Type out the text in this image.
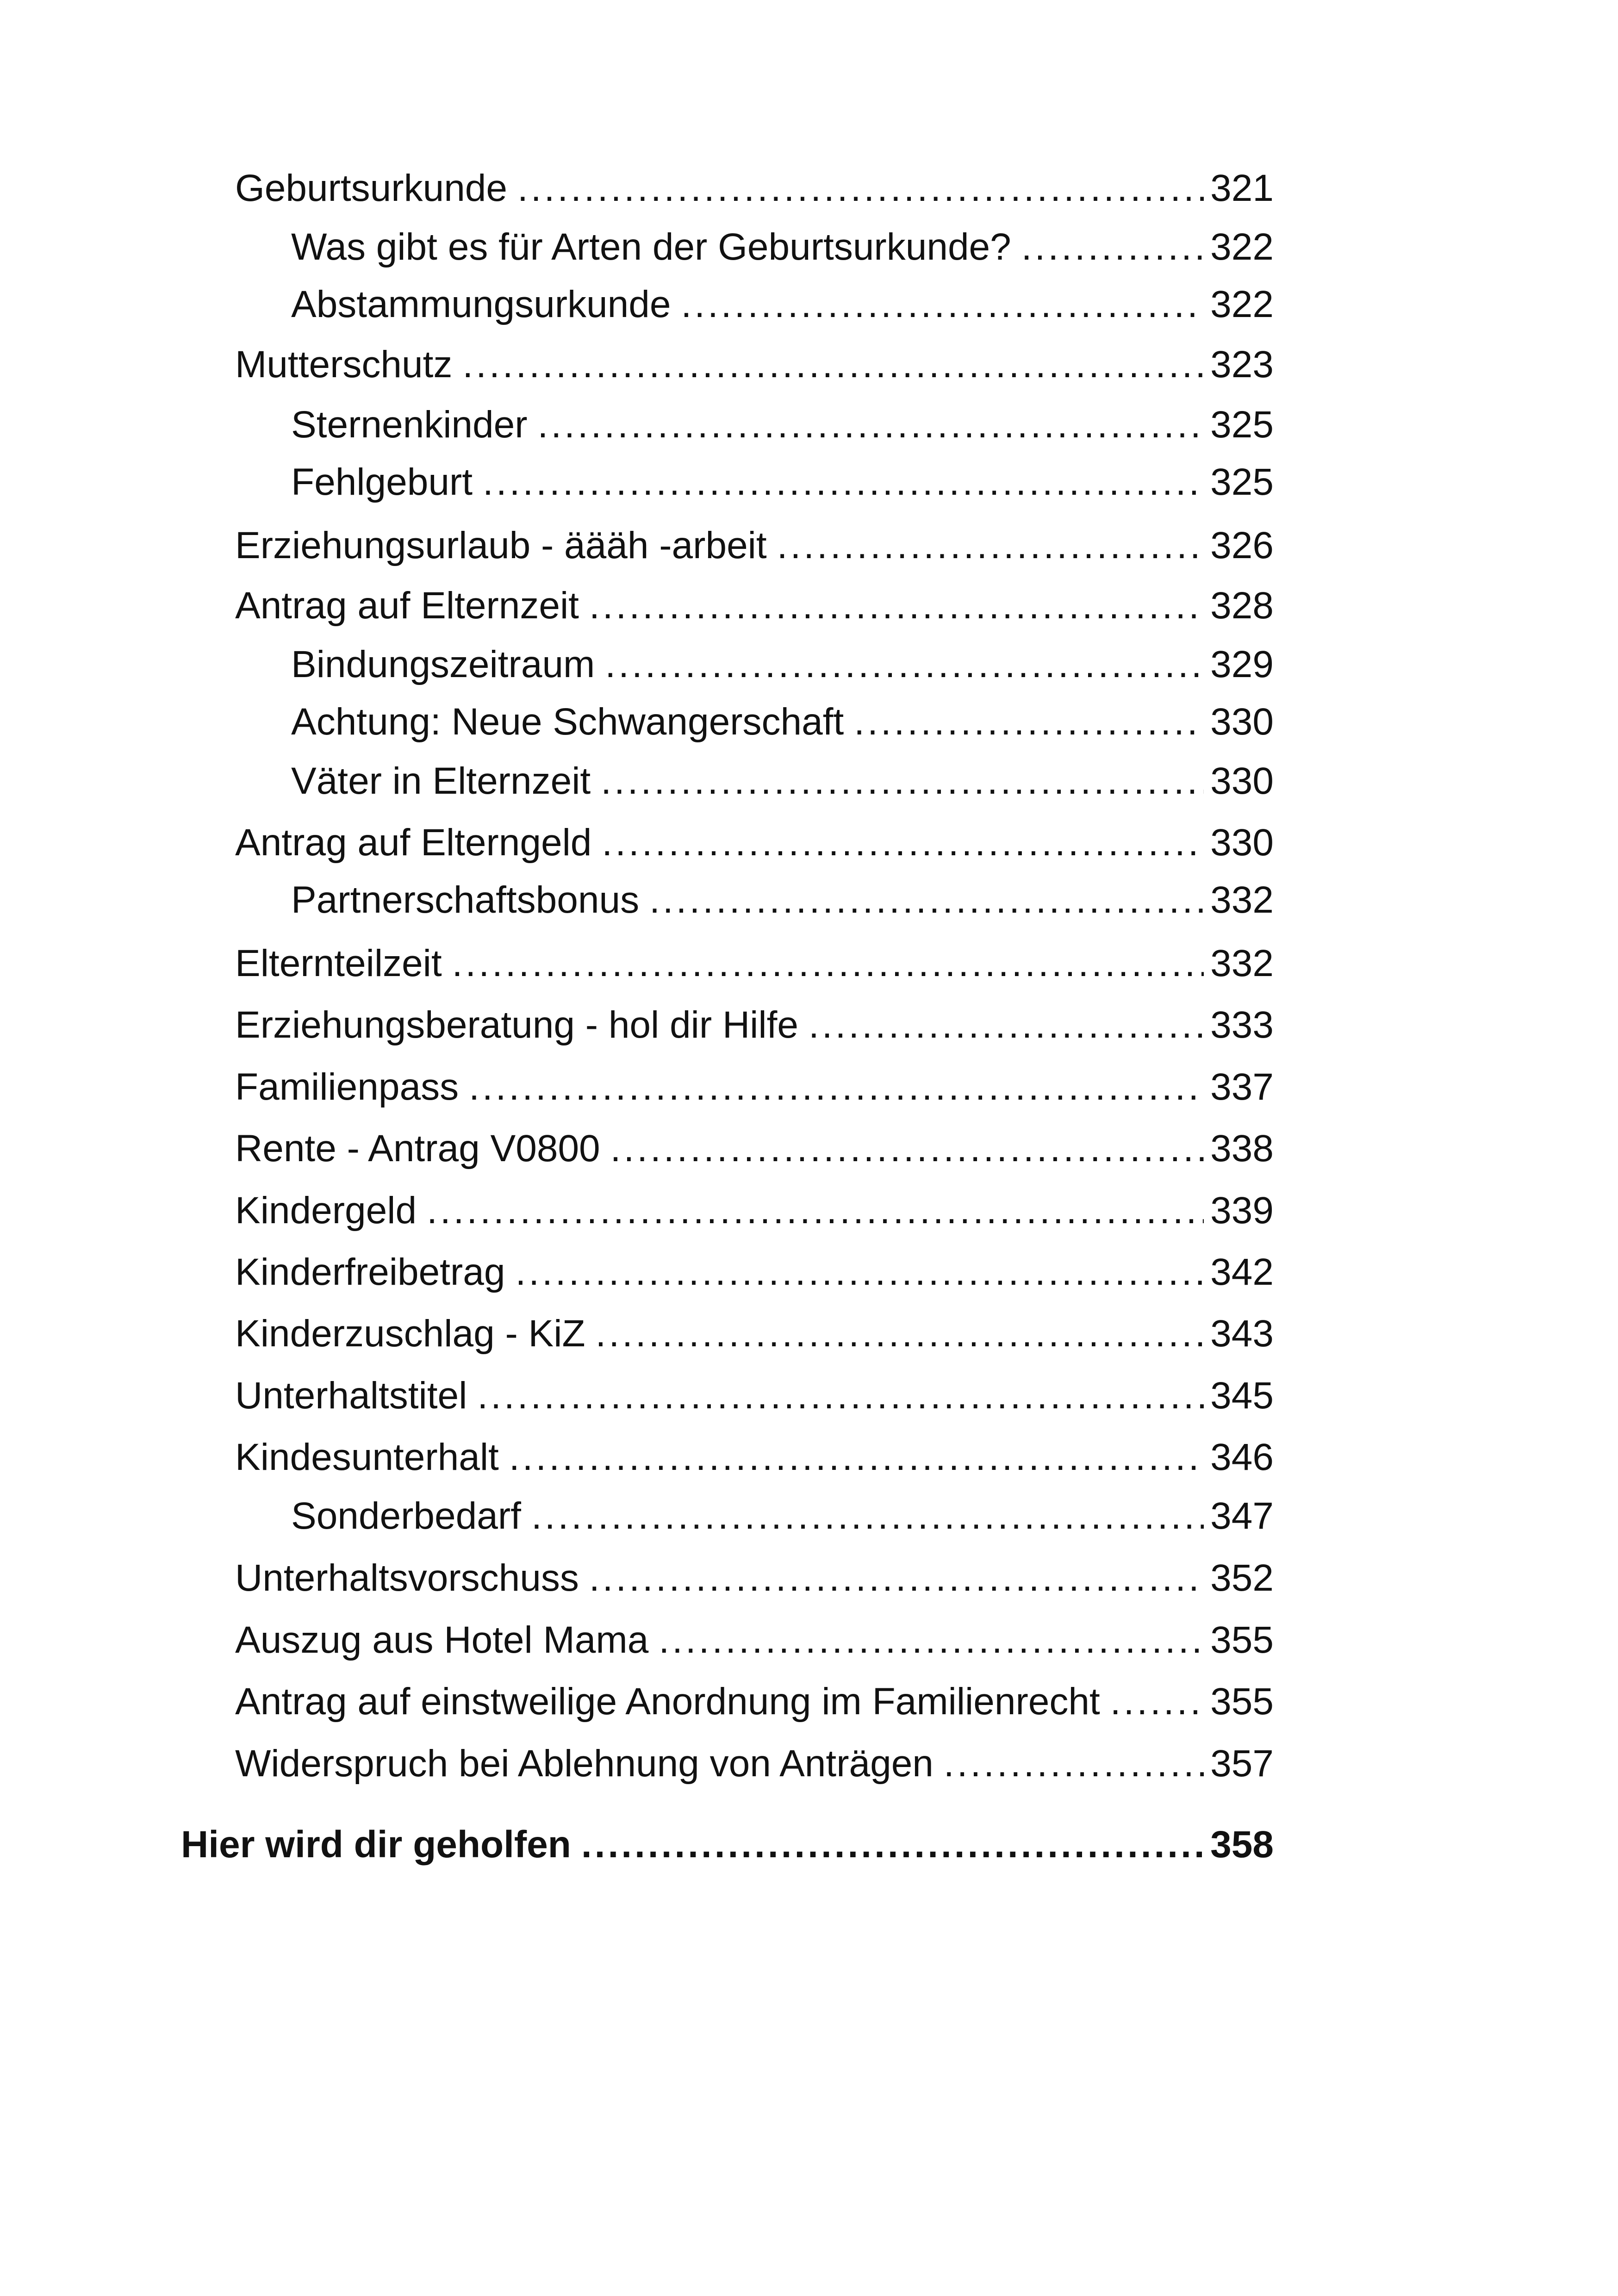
Geburtsurkunde .....	321
Was gibt es für Arten der Geburtsurkunde? .....	322
Abstammungsurkunde .....	322
Mutterschutz .....	323
Sternenkinder .....	325
Fehlgeburt .....	325
Erziehungsurlaub - äääh -arbeit .....	326
Antrag auf Elternzeit .....	328
Bindungszeitraum .....	329
Achtung: Neue Schwangerschaft .....	330
Väter in Elternzeit .....	330
Antrag auf Elterngeld .....	330
Partnerschaftsbonus .....	332
Elternteilzeit .....	332
Erziehungsberatung - hol dir Hilfe .....	333
Familienpass .....	337
Rente - Antrag V0800 .....	338
Kindergeld .....	339
Kinderfreibetrag .....	342
Kinderzuschlag - KiZ .....	343
Unterhaltstitel .....	345
Kindesunterhalt .....	346
Sonderbedarf .....	347
Unterhaltsvorschuss .....	352
Auszug aus Hotel Mama .....	355
Antrag auf einstweilige Anordnung im Familienrecht .....	355
Widerspruch bei Ablehnung von Anträgen .....	357
Hier wird dir geholfen .....	358
